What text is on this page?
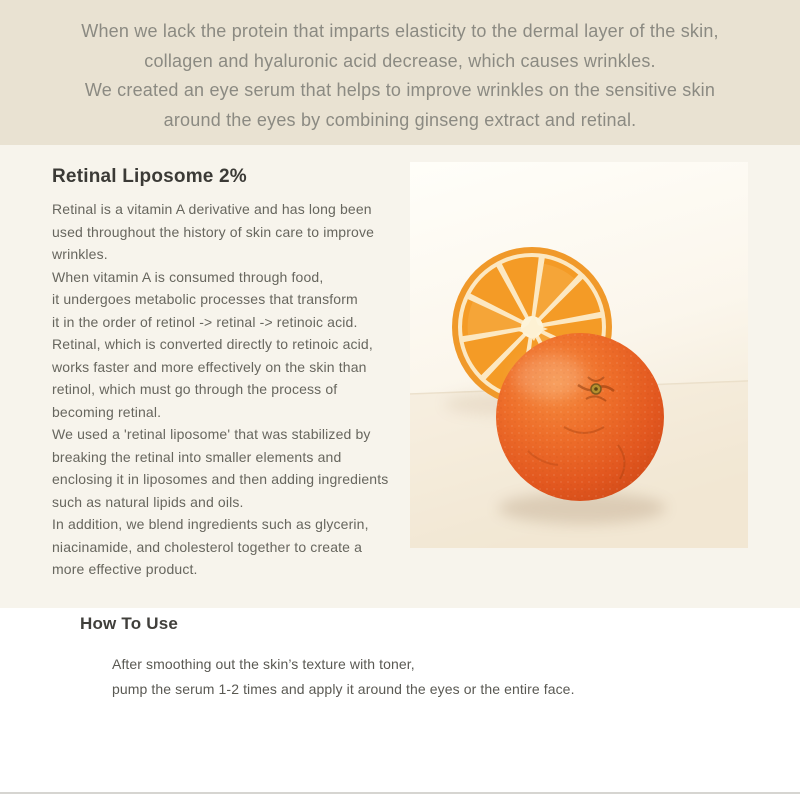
When we lack the protein that imparts elasticity to the dermal layer of the skin,
collagen and hyaluronic acid decrease, which causes wrinkles.
We created an eye serum that helps to improve wrinkles on the sensitive skin
around the eyes by combining ginseng extract and retinal.
Retinal Liposome 2%
Retinal is a vitamin A derivative and has long been
used throughout the history of skin care to improve
wrinkles.
When vitamin A is consumed through food,
it undergoes metabolic processes that transform
it in the order of retinol -> retinal -> retinoic acid.
Retinal, which is converted directly to retinoic acid,
works faster and more effectively on the skin than
retinol, which must go through the process of
becoming retinal.
We used a 'retinal liposome' that was stabilized by
breaking the retinal into smaller elements and
enclosing it in liposomes and then adding ingredients
such as natural lipids and oils.
In addition, we blend ingredients such as glycerin,
niacinamide, and cholesterol together to create a
more effective product.
How To Use
After smoothing out the skin’s texture with toner,
pump the serum 1-2 times and apply it around the eyes or the entire face.
